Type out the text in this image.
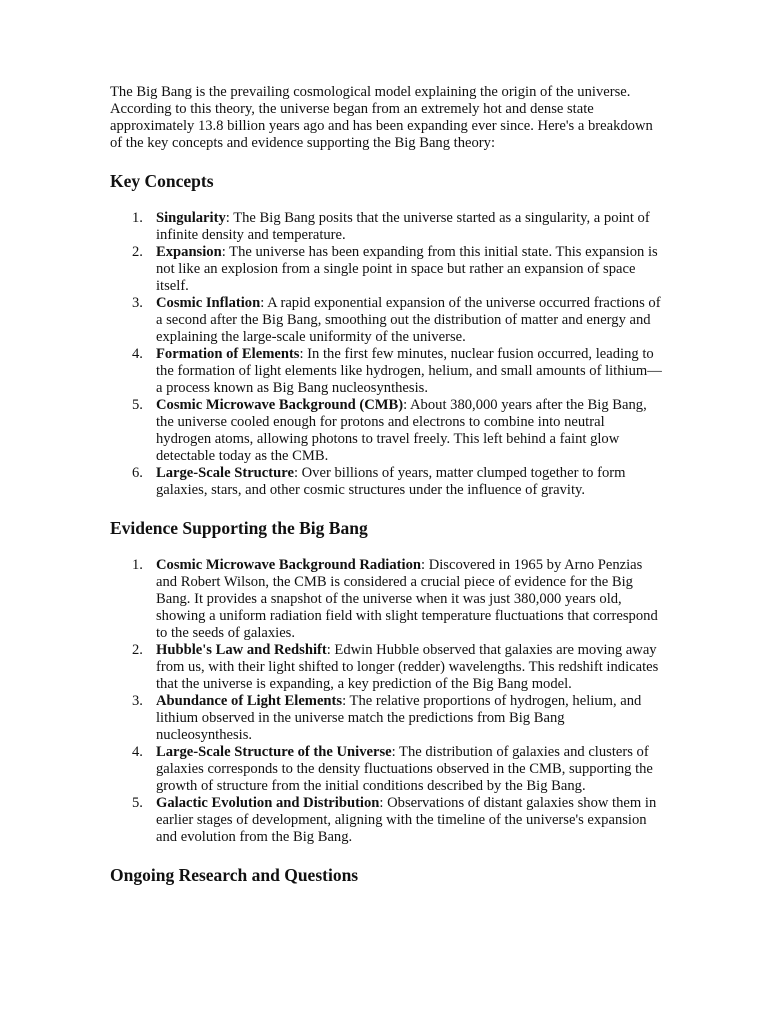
The Big Bang is the prevailing cosmological model explaining the origin of the universe. According to this theory, the universe began from an extremely hot and dense state approximately 13.8 billion years ago and has been expanding ever since. Here's a breakdown of the key concepts and evidence supporting the Big Bang theory:

Key Concepts
1. Singularity: The Big Bang posits that the universe started as a singularity, a point of infinite density and temperature.
2. Expansion: The universe has been expanding from this initial state. This expansion is not like an explosion from a single point in space but rather an expansion of space itself.
3. Cosmic Inflation: A rapid exponential expansion of the universe occurred fractions of a second after the Big Bang, smoothing out the distribution of matter and energy and explaining the large-scale uniformity of the universe.
4. Formation of Elements: In the first few minutes, nuclear fusion occurred, leading to the formation of light elements like hydrogen, helium, and small amounts of lithium—a process known as Big Bang nucleosynthesis.
5. Cosmic Microwave Background (CMB): About 380,000 years after the Big Bang, the universe cooled enough for protons and electrons to combine into neutral hydrogen atoms, allowing photons to travel freely. This left behind a faint glow detectable today as the CMB.
6. Large-Scale Structure: Over billions of years, matter clumped together to form galaxies, stars, and other cosmic structures under the influence of gravity.
Evidence Supporting the Big Bang
1. Cosmic Microwave Background Radiation: Discovered in 1965 by Arno Penzias and Robert Wilson, the CMB is considered a crucial piece of evidence for the Big Bang. It provides a snapshot of the universe when it was just 380,000 years old, showing a uniform radiation field with slight temperature fluctuations that correspond to the seeds of galaxies.
2. Hubble's Law and Redshift: Edwin Hubble observed that galaxies are moving away from us, with their light shifted to longer (redder) wavelengths. This redshift indicates that the universe is expanding, a key prediction of the Big Bang model.
3. Abundance of Light Elements: The relative proportions of hydrogen, helium, and lithium observed in the universe match the predictions from Big Bang nucleosynthesis.
4. Large-Scale Structure of the Universe: The distribution of galaxies and clusters of galaxies corresponds to the density fluctuations observed in the CMB, supporting the growth of structure from the initial conditions described by the Big Bang.
5. Galactic Evolution and Distribution: Observations of distant galaxies show them in earlier stages of development, aligning with the timeline of the universe's expansion and evolution from the Big Bang.
Ongoing Research and Questions
